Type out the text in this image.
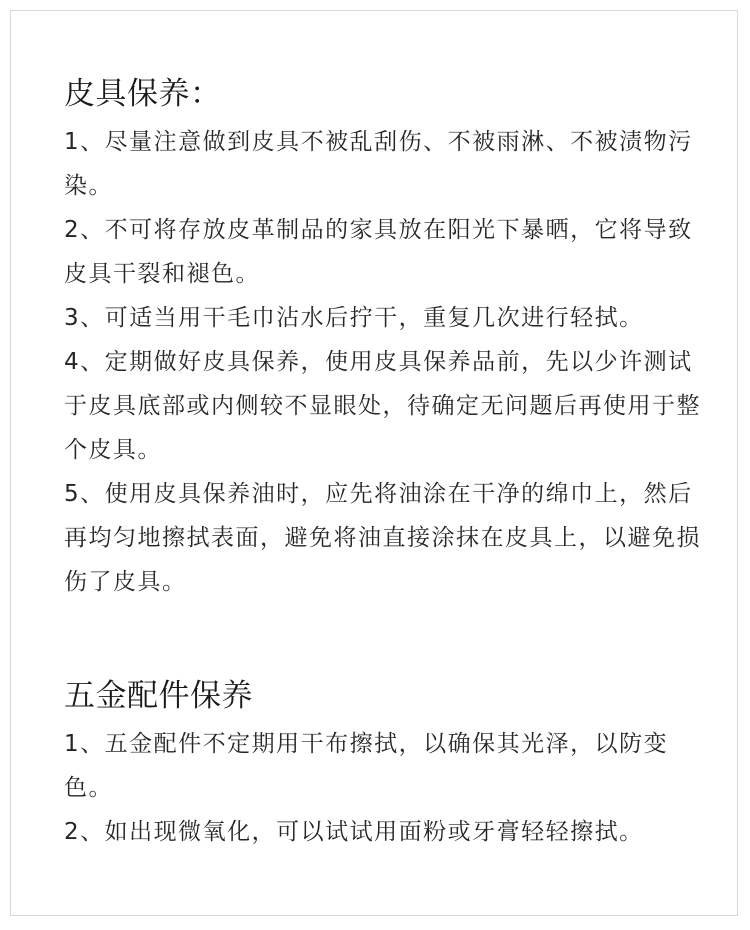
皮具保养：

1、尽量注意做到皮具不被乱刮伤、不被雨淋、不被渍物污染。

2、不可将存放皮革制品的家具放在阳光下暴晒，它将导致皮具干裂和褪色。

3、可适当用干毛巾沾水后拧干，重复几次进行轻拭。

4、定期做好皮具保养，使用皮具保养品前，先以少许测试于皮具底部或内侧较不显眼处，待确定无问题后再使用于整个皮具。

5、使用皮具保养油时，应先将油涂在干净的绵巾上，然后再均匀地擦拭表面，避免将油直接涂抹在皮具上，以避免损伤了皮具。

五金配件保养

1、五金配件不定期用干布擦拭，以确保其光泽，以防变色。

2、如出现微氧化，可以试试用面粉或牙膏轻轻擦拭。
